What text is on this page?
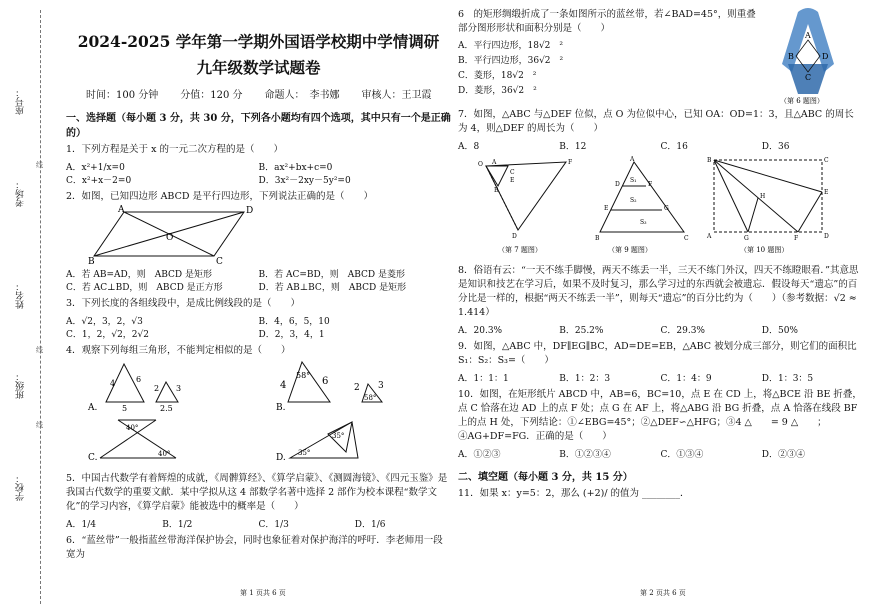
座号：
考场：
姓名：
班级：
学校：
线
线
线
2024-2025 学年第一学期外国语学校期中学情调研
九年级数学试题卷
时间：100 分钟 分值：120 分 命题人：　李书娜 审核人：王卫霞
一、选择题（每小题 3 分，共 30 分，下列各小题均有四个选项，其中只有一个是正确的）
1．下列方程是关于 x 的一元二次方程的是（　　）
A．x²+1/x=0	B．ax²+bx+c=0
C．x²+x－2=0	D．3x²－2xy－5y²=0
2．如图，已知四边形 ABCD 是平行四边形，下列说法正确的是（　　）
A	D
B	C
O
A．若 AB=AD，则　ABCD 是矩形	B．若 AC=BD，则　ABCD 是菱形
C．若 AC⊥BD，则　ABCD 是正方形	D．若 AB⊥BC，则　ABCD 是矩形
3．下列长度的各组线段中，是成比例线段的是（　　）
A．√2，3，2，√3	B．4，6，5，10
C．1，2，√2，2√2	D．2，3，4，1
4．观察下列每组三角形，不能判定相似的是（　　）
A.
4	6
5
2 3
2.5	B.
4
58°
6
2 3
58°
C.
40°
40°	D. 35°
35°
5．中国古代数学有着辉煌的成就，《周髀算经》、《算学启蒙》、《测圆海镜》、《四元玉鉴》是我国古代数学的重要文献．某中学拟从这 4 部数学名著中选择 2 部作为校本课程“数学文化”的学习内容，《算学启蒙》能被选中的概率是（　　）
A．1/4	B．1/2	C．1/3	D．1/6
6．“蓝丝带”一般指蓝丝带海洋保护协会，同时也象征着对保护海洋的呼吁．李老师用一段宽为
第 1 页共 6 页
6　的矩形绸缎折成了一条如图所示的蓝丝带，若∠BAD=45°，则重叠部分图形形状和面积分别是（　　）
A．平行四边形，18√2　²
B．平行四边形，36√2　²
C．菱形，18√2　²
D．菱形，36√2　²
A
B
C
D
（第 6 题图）
7．如图，△ABC 与△DEF 位似，点 O 为位似中心，已知 OA：OD=1：3，且△ABC 的周长为 4，则△DEF 的周长为（　　）
A．8	B．12	C．16	D．36
O A
B
C
D
E
F
（第 7 题图）
A
F
G
D
E
B	C
S₁
S₂
S₃
（第 9 题图）
B	C
H
E
A	G	F	D
（第 10 题图）
8．俗语有云：“一天不练手脚慢，两天不练丢一半，三天不练门外汉，四天不练瞪眼看．”其意思是知识和技艺在学习后，如果不及时复习，那么学习过的东西就会被遗忘．假设每天“遗忘”的百分比是一样的，根据“两天不练丢一半”，则每天“遗忘”的百分比约为（　　）（参考数据：√2 ≈ 1.414）
A．20.3%	B．25.2%	C．29.3%	D．50%
9．如图，△ABC 中，DF∥EG∥BC，AD=DE=EB，△ABC 被划分成三部分，则它们的面积比 S₁：S₂：S₃=（　　）
A．1：1：1	B．1：2：3	C．1：4：9	D．1：3：5
10．如图，在矩形纸片 ABCD 中，AB=6，BC=10，点 E 在 CD 上，将△BCE 沿 BE 折叠，点 C 恰落在边 AD 上的点 F 处；点 G 在 AF 上，将△ABG 沿 BG 折叠，点 A 恰落在线段 BF 上的点 H 处，下列结论：①∠EBG=45°；②△DEF∽△HFG；③4 △　　= 9 △　　；④AG+DF=FG．正确的是（　　）
A．①②③	B．①②③④	C．①③④	D．②③④
二、填空题（每小题 3 分，共 15 分）
11．如果 x：y=5：2，那么 (+2)/ 的值为 ________．
第 2 页共 6 页
